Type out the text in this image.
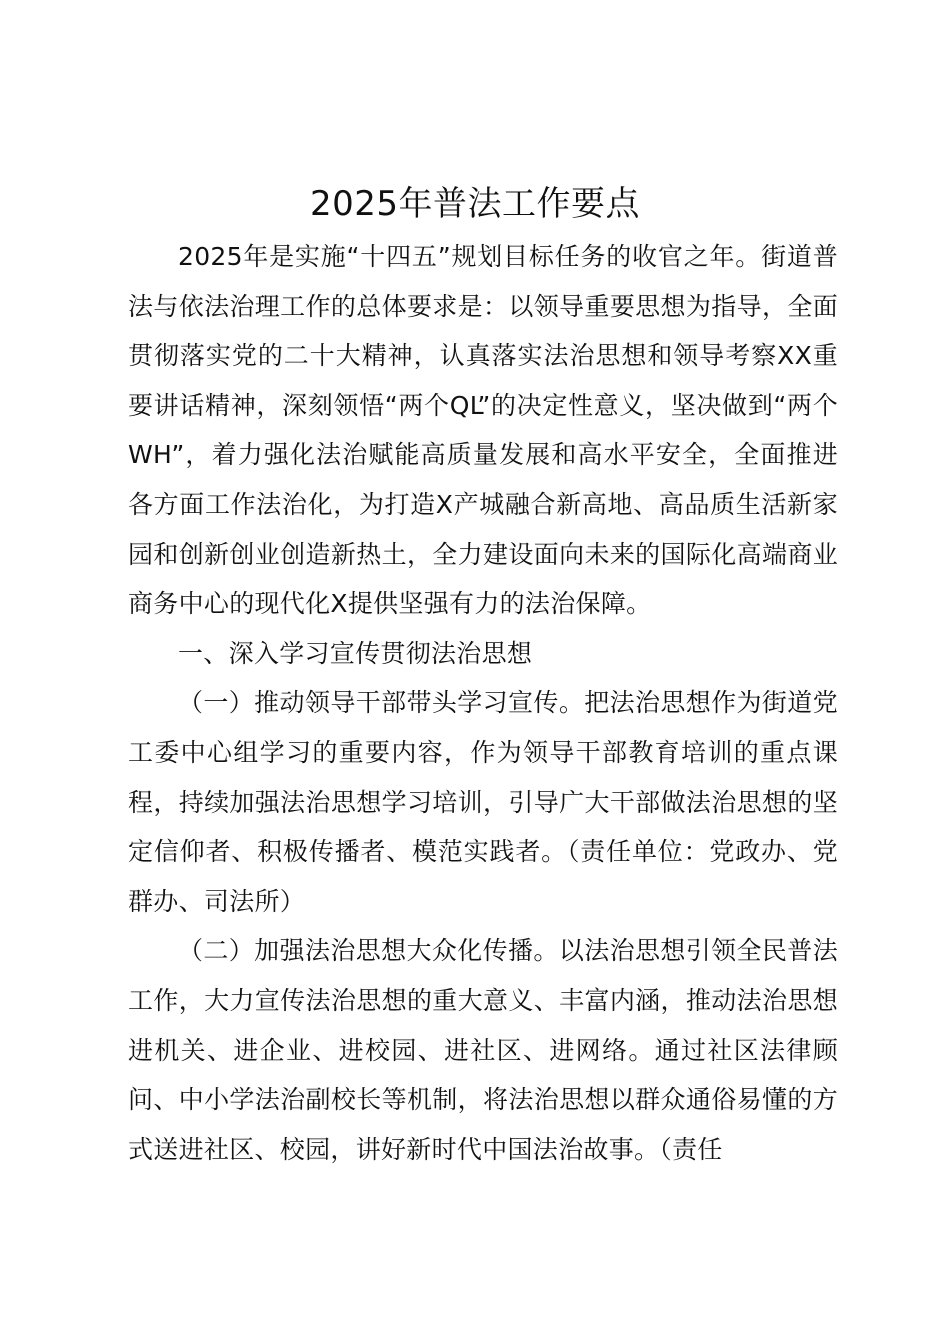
2025年普法工作要点

2025年是实施“十四五”规划目标任务的收官之年。街道普法与依法治理工作的总体要求是：以领导重要思想为指导，全面贯彻落实党的二十大精神，认真落实法治思想和领导考察XX重要讲话精神，深刻领悟“两个QL”的决定性意义，坚决做到“两个WH”，着力强化法治赋能高质量发展和高水平安全，全面推进各方面工作法治化，为打造X产城融合新高地、高品质生活新家园和创新创业创造新热土，全力建设面向未来的国际化高端商业商务中心的现代化X提供坚强有力的法治保障。

一、深入学习宣传贯彻法治思想

（一）推动领导干部带头学习宣传。把法治思想作为街道党工委中心组学习的重要内容，作为领导干部教育培训的重点课程，持续加强法治思想学习培训，引导广大干部做法治思想的坚定信仰者、积极传播者、模范实践者。（责任单位：党政办、党群办、司法所）

（二）加强法治思想大众化传播。以法治思想引领全民普法工作，大力宣传法治思想的重大意义、丰富内涵，推动法治思想进机关、进企业、进校园、进社区、进网络。通过社区法律顾问、中小学法治副校长等机制，将法治思想以群众通俗易懂的方式送进社区、校园，讲好新时代中国法治故事。（责任
